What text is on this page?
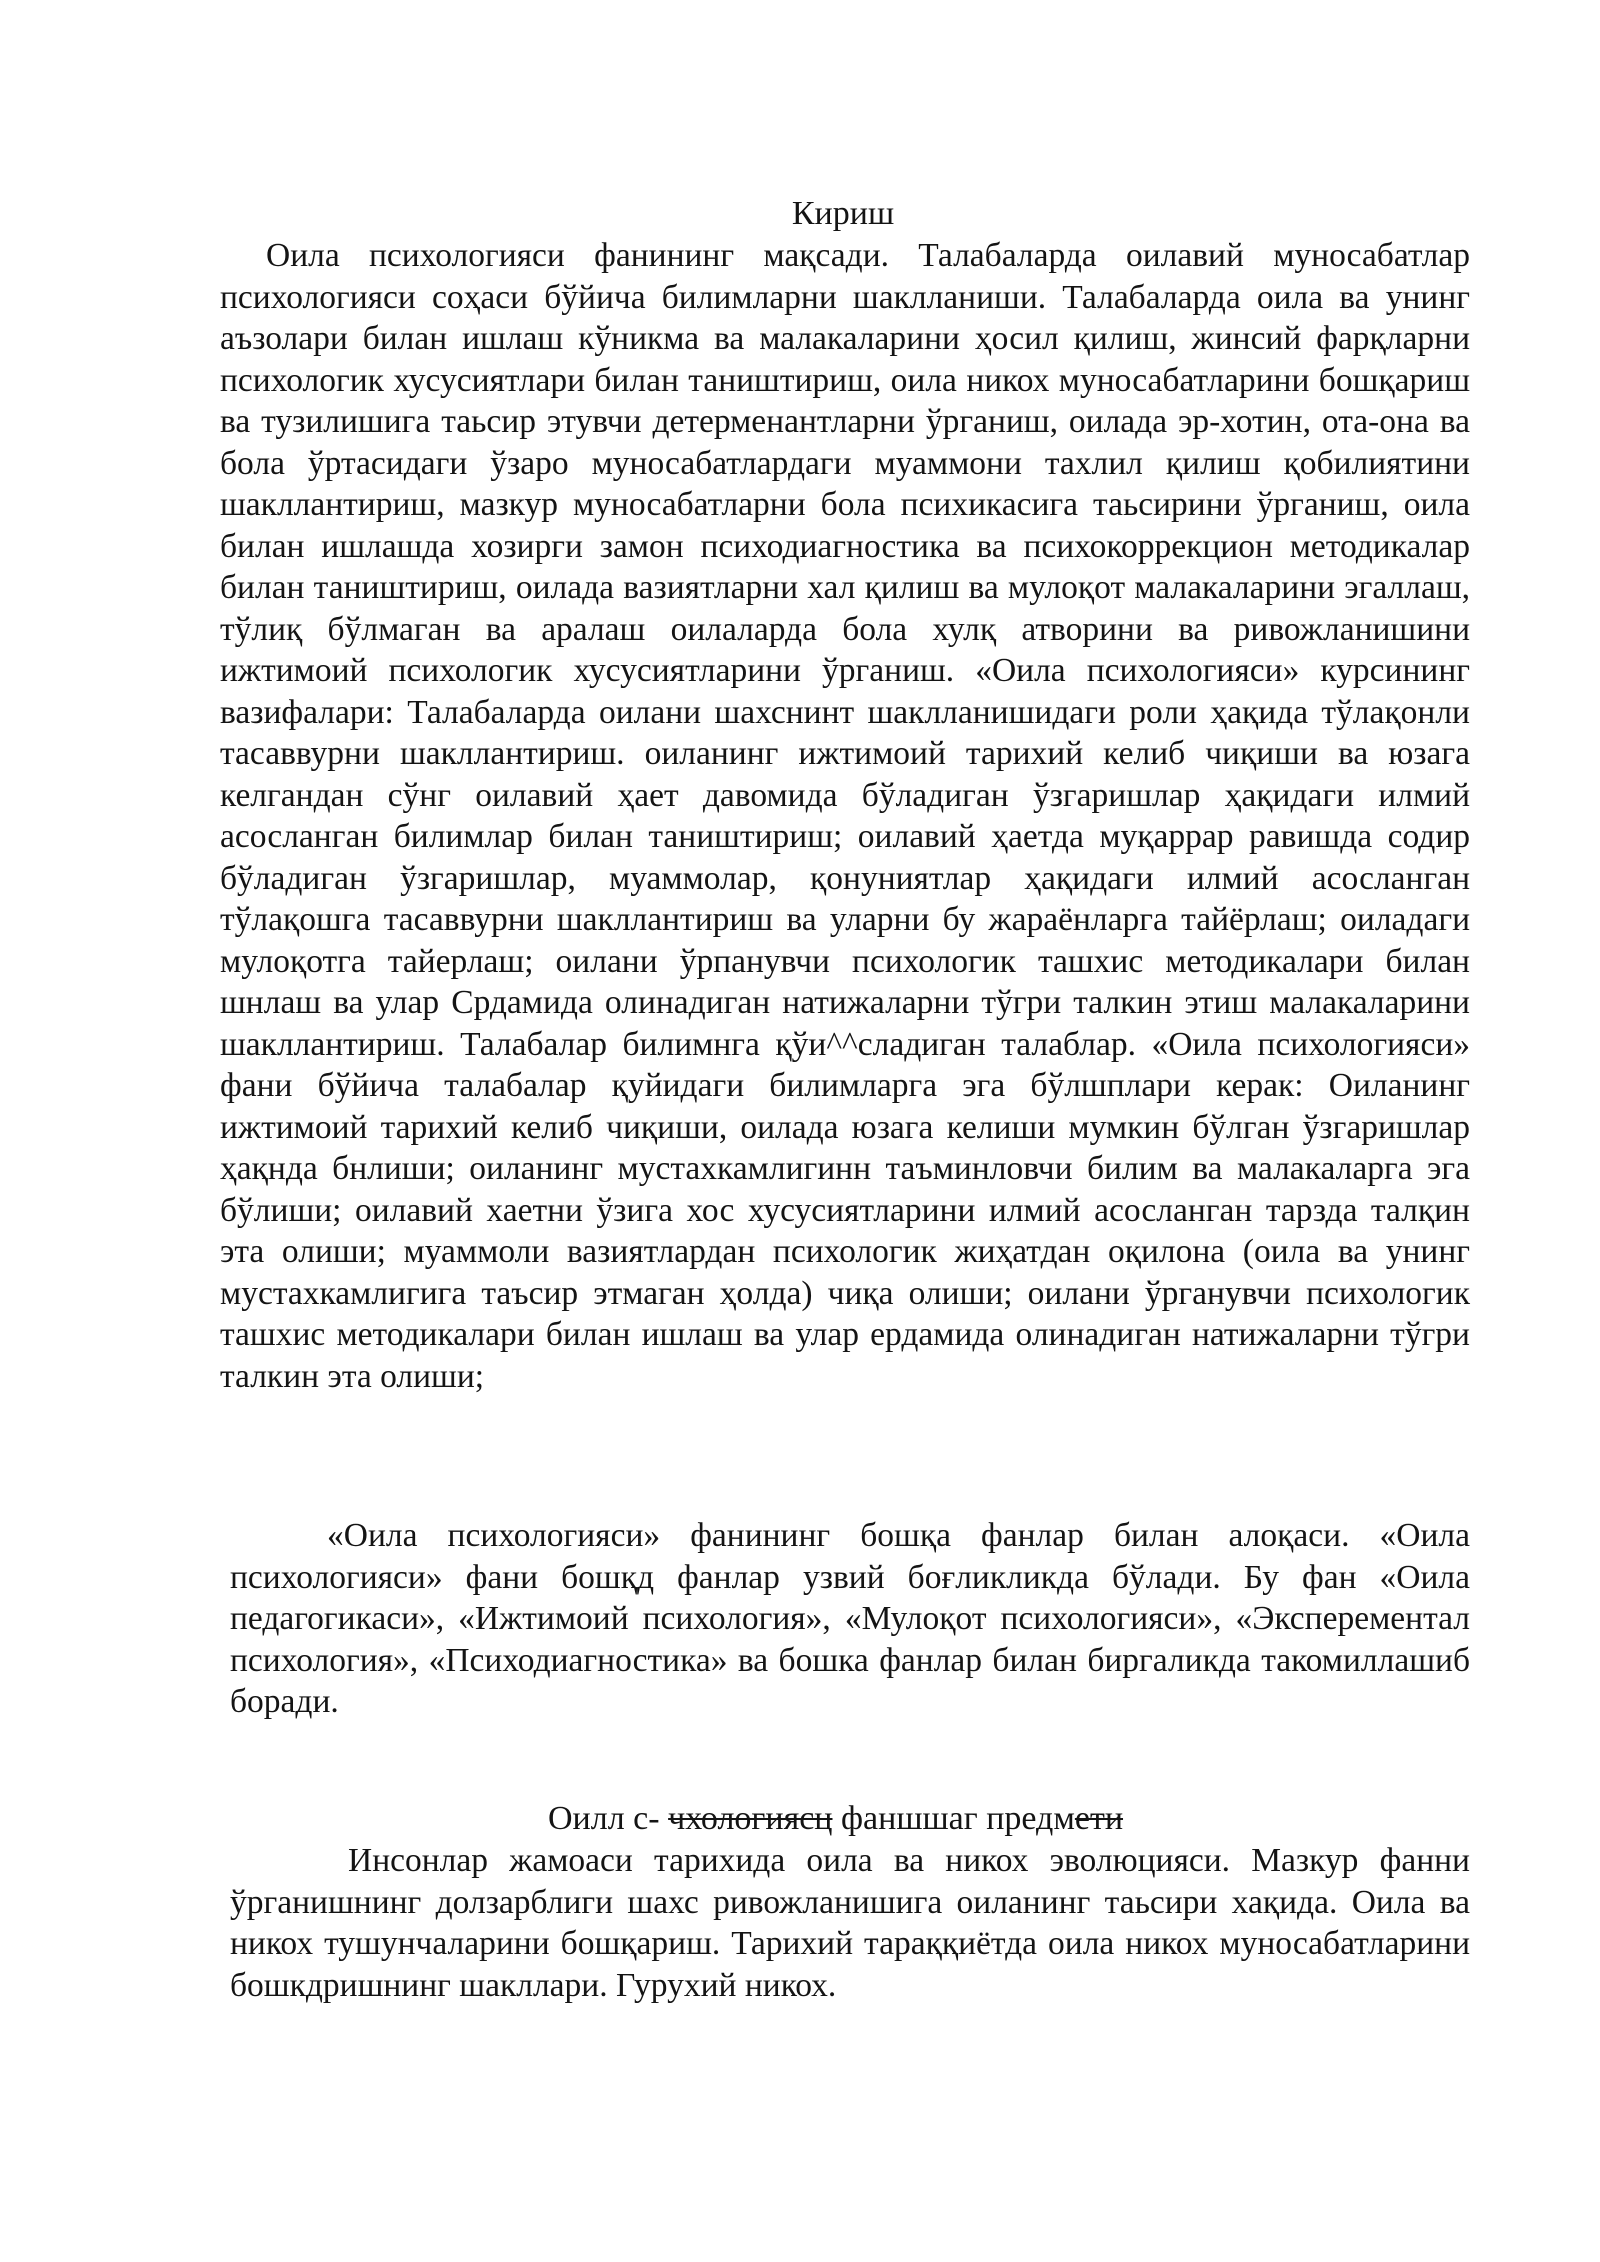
Кириш
Оила психологияси фанининг мақсади. Талабаларда оилавий муносабатлар психологияси соҳаси бўйича билимларни шаклланиши. Талабаларда оила ва унинг аъзолари билан ишлаш кўникма ва малакаларини ҳосил қилиш, жинсий фарқларни психологик хусусиятлари билан таништириш, оила никох муносабатларини бошқариш ва тузилишига таьсир этувчи детерменантларни ўрганиш, оилада эр-хотин, ота-она ва бола ўртасидаги ўзаро муносабатлардаги муаммони тахлил қилиш қобилиятини шакллантириш, мазкур муносабатларни бола психикасига таьсирини ўрганиш, оила билан ишлашда хозирги замон психодиагностика ва психокоррекцион методикалар билан таништириш, оилада вазиятларни хал қилиш ва мулоқот малакаларини эгаллаш, тўлиқ бўлмаган ва аралаш оилаларда бола хулқ атворини ва ривожланишини ижтимоий психологик хусусиятларини ўрганиш. «Оила психологияси» курсининг вазифалари: Талабаларда оилани шахснинт шаклланишидаги роли ҳақида тўлақонли тасаввурни шакллантириш. оиланинг ижтимоий тарихий келиб чиқиши ва юзага келгандан сўнг оилавий ҳает давомида бўладиган ўзгаришлар ҳақидаги илмий асосланган билимлар билан таништириш; оилавий ҳаетда муқаррар равишда содир бўладиган ўзгаришлар, муаммолар, қонуниятлар ҳақидаги илмий асосланган тўлақошга тасаввурни шакллантириш ва уларни бу жараёнларга тайёрлаш; оиладаги мулоқотга тайерлаш; оилани ўрпанувчи психологик ташхис методикалари билан шнлаш ва улар Срдамида олинадиган натижаларни тўгри талкин этиш малакаларини шакллантириш. Талабалар билимнга қўи^^сладиган талаблар. «Оила психологияси» фани бўйича талабалар қуйидаги билимларга эга бўлшплари керак: Оиланинг ижтимоий тарихий келиб чиқиши, оилада юзага келиши мумкин бўлган ўзгаришлар ҳақнда бнлиши; оиланинг мустахкамлигинн таъминловчи билим ва малакаларга эга бўлиши; оилавий хаетни ўзига хос хусусиятларини илмий асосланган тарзда талқин эта олиши; муаммоли вазиятлардан психологик жиҳатдан оқилона (оила ва унинг мустахкамлигига таъсир этмаган ҳолда) чиқа олиши; оилани ўрганувчи психологик ташхис методикалари билан ишлаш ва улар ердамида олинадиган натижаларни тўгри талкин эта олиши;
«Оила психологияси» фанининг бошқа фанлар билан алоқаси. «Оила психологияси» фани бошқд фанлар узвий боғликликда бўлади. Бу фан «Оила педагогикаси», «Ижтимоий психология», «Мулоқот психологияси», «Эксперементал психология», «Психодиагностика» ва бошка фанлар билан биргаликда такомиллашиб боради.
Оилл с- чхологиясц фаншшаг предмети
Инсонлар жамоаси тарихида оила ва никох эволюцияси. Мазкур фанни ўрганишнинг долзарблиги шахс ривожланишига оиланинг таьсири хақида. Оила ва никох тушунчаларини бошқариш. Тарихий тараққиётда оила никох муносабатларини бошкдришнинг шакллари. Гурухий никох.
